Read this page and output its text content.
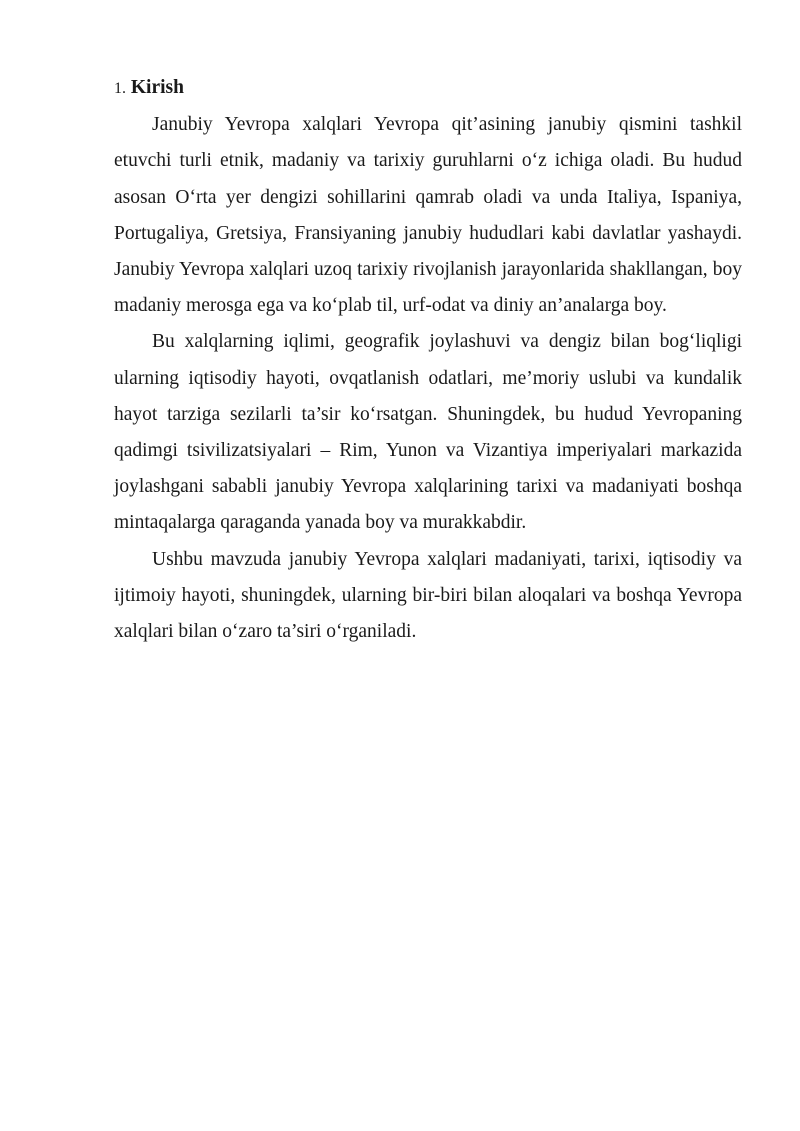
1. Kirish

Janubiy Yevropa xalqlari Yevropa qit’asining janubiy qismini tashkil etuvchi turli etnik, madaniy va tarixiy guruhlarni o‘z ichiga oladi. Bu hudud asosan O‘rta yer dengizi sohillarini qamrab oladi va unda Italiya, Ispaniya, Portugaliya, Gretsiya, Fransiyaning janubiy hududlari kabi davlatlar yashaydi. Janubiy Yevropa xalqlari uzoq tarixiy rivojlanish jarayonlarida shakllangan, boy madaniy merosga ega va ko‘plab til, urf-odat va diniy an’analarga boy.

Bu xalqlarning iqlimi, geografik joylashuvi va dengiz bilan bog‘liqligi ularning iqtisodiy hayoti, ovqatlanish odatlari, me’moriy uslubi va kundalik hayot tarziga sezilarli ta’sir ko‘rsatgan. Shuningdek, bu hudud Yevropaning qadimgi tsivilizatsiyalari – Rim, Yunon va Vizantiya imperiyalari markazida joylashgani sababli janubiy Yevropa xalqlarining tarixi va madaniyati boshqa mintaqalarga qaraganda yanada boy va murakkabdir.

Ushbu mavzuda janubiy Yevropa xalqlari madaniyati, tarixi, iqtisodiy va ijtimoiy hayoti, shuningdek, ularning bir-biri bilan aloqalari va boshqa Yevropa xalqlari bilan o‘zaro ta’siri o‘rganiladi.
